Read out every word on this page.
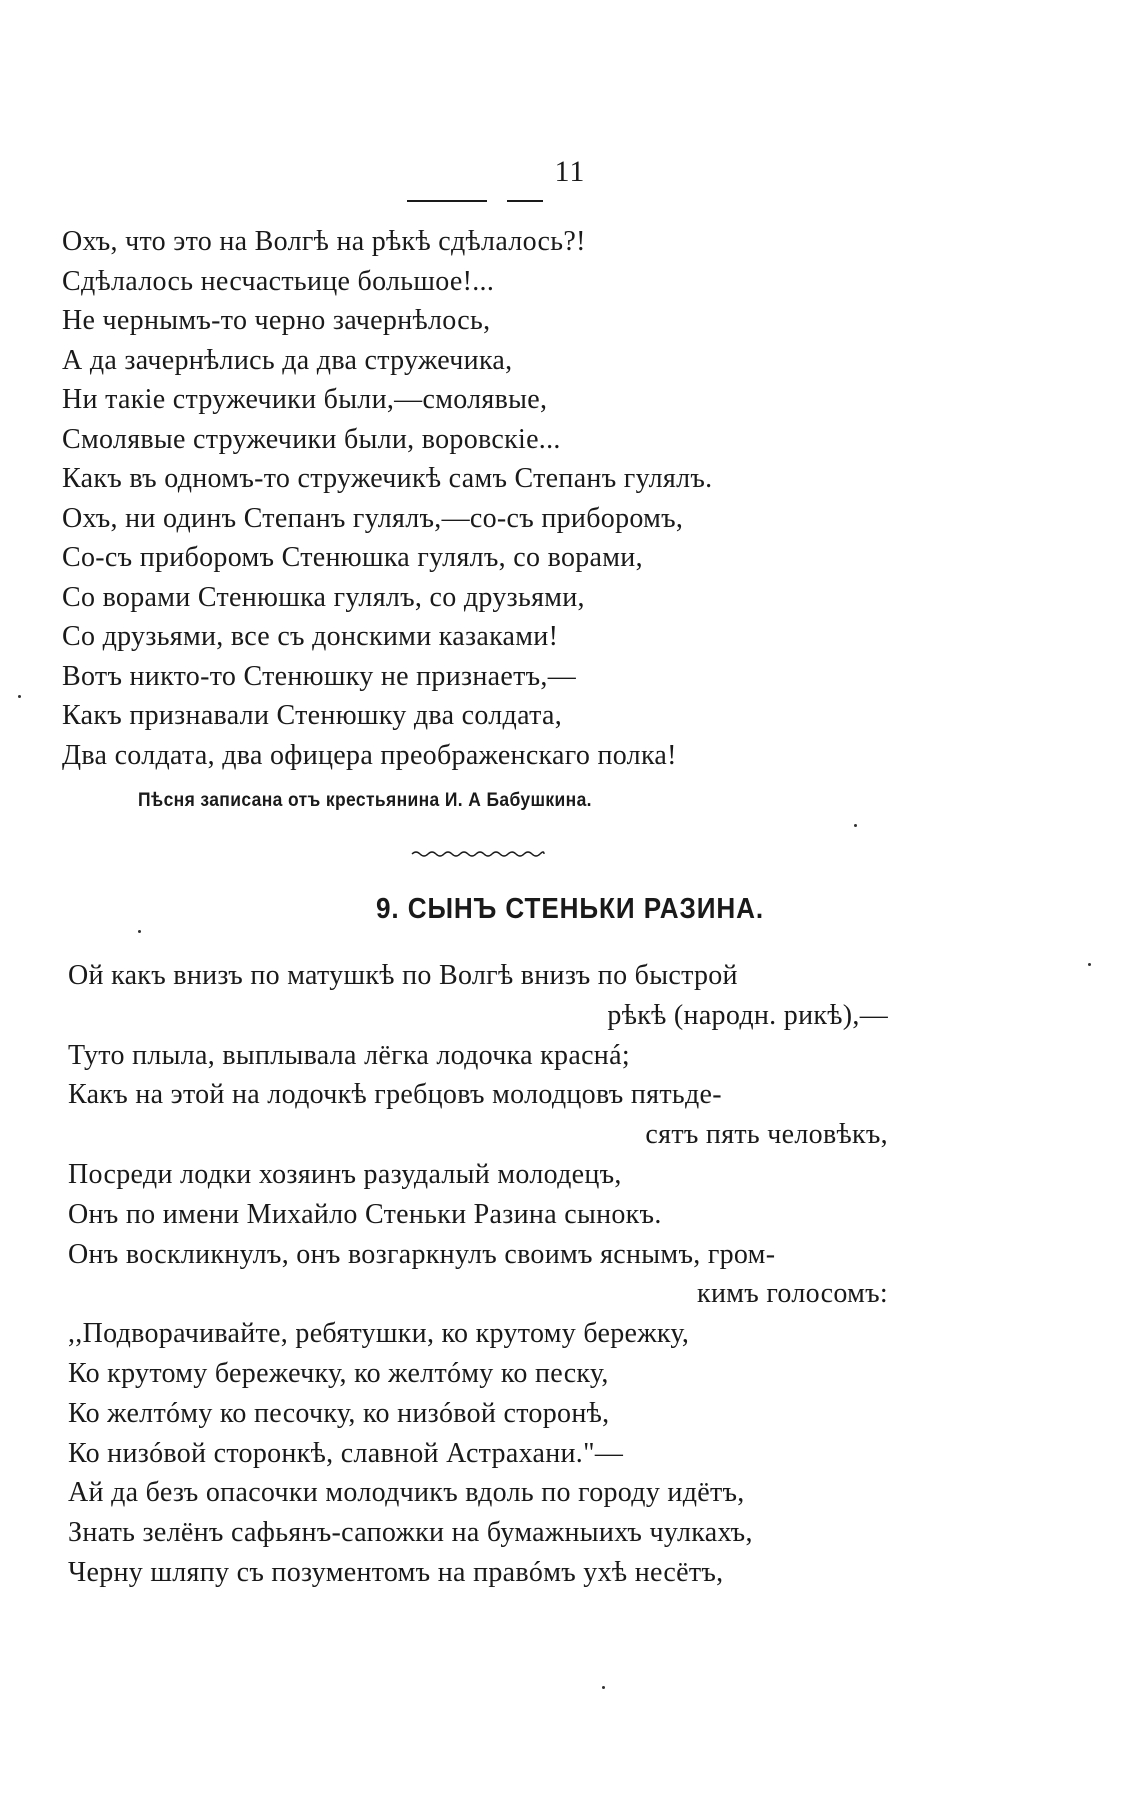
11
Охъ, что это на Волгѣ на рѣкѣ сдѣлалось?!
Сдѣлалось несчастьице большое!...
Не чернымъ-то черно зачернѣлось,
А да зачернѣлись да два стружечика,
Ни такіе стружечики были,—смолявые,
Смолявые стружечики были, воровскіе...
Какъ въ одномъ-то стружечикѣ самъ Степанъ гулялъ.
Охъ, ни одинъ Степанъ гулялъ,—со-съ приборомъ,
Со-съ приборомъ Стенюшка гулялъ, со ворами,
Со ворами Стенюшка гулялъ, со друзьями,
Со друзьями, все съ донскими казаками!
Вотъ никто-то Стенюшку не признаетъ,—
Какъ признавали Стенюшку два солдата,
Два солдата, два офицера преображенскаго полка!
Пѣсня записана отъ крестьянина И. А Бабушкина.
9. СЫНЪ СТЕНЬКИ РАЗИНА.
Ой какъ внизъ по матушкѣ по Волгѣ внизъ по быстрой
рѣкѣ (народн. рикѣ),—
Туто плыла, выплывала лёгка лодочка краснá;
Какъ на этой на лодочкѣ гребцовъ молодцовъ пятьде-
сятъ пять человѣкъ,
Посреди лодки хозяинъ разудалый молодецъ,
Онъ по имени Михайло Стеньки Разина сынокъ.
Онъ воскликнулъ, онъ возгаркнулъ своимъ яснымъ, гром-
кимъ голосомъ:
,,Подворачивайте, ребятушки, ко крутому бережку,
Ко крутому бережечку, ко желтóму ко песку,
Ко желтóму ко песочку, ко низóвой сторонѣ,
Ко низóвой сторонкѣ, славной Астрахани."—
Ай да безъ опасочки молодчикъ вдоль по городу идётъ,
Знать зелёнъ сафьянъ-сапожки на бумажныихъ чулкахъ,
Черну шляпу съ позументомъ на правóмъ ухѣ несётъ,
